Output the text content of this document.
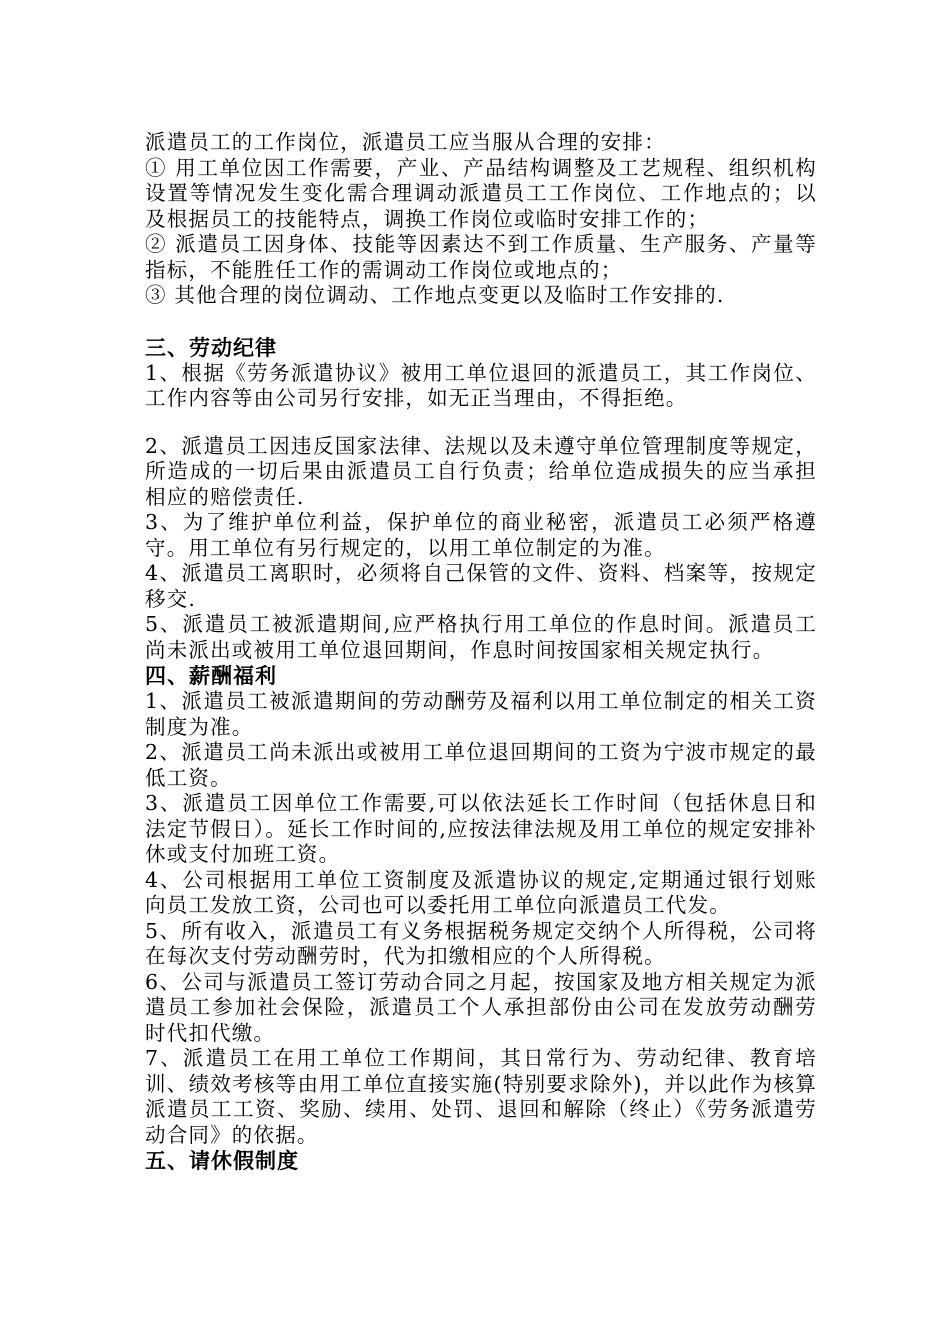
派遣员工的工作岗位，派遣员工应当服从合理的安排：

① 用工单位因工作需要，产业、产品结构调整及工艺规程、组织机构设置等情况发生变化需合理调动派遣员工工作岗位、工作地点的；以及根据员工的技能特点，调换工作岗位或临时安排工作的；

② 派遣员工因身体、技能等因素达不到工作质量、生产服务、产量等指标，不能胜任工作的需调动工作岗位或地点的；

③ 其他合理的岗位调动、工作地点变更以及临时工作安排的.

三、劳动纪律

1、根据《劳务派遣协议》被用工单位退回的派遣员工，其工作岗位、工作内容等由公司另行安排，如无正当理由，不得拒绝。

2、派遣员工因违反国家法律、法规以及未遵守单位管理制度等规定，所造成的一切后果由派遣员工自行负责；给单位造成损失的应当承担相应的赔偿责任.

3、为了维护单位利益，保护单位的商业秘密，派遣员工必须严格遵守。用工单位有另行规定的，以用工单位制定的为准。

4、派遣员工离职时，必须将自己保管的文件、资料、档案等，按规定移交.

5、派遣员工被派遣期间,应严格执行用工单位的作息时间。派遣员工尚未派出或被用工单位退回期间，作息时间按国家相关规定执行。

四、薪酬福利

1、派遣员工被派遣期间的劳动酬劳及福利以用工单位制定的相关工资制度为准。

2、派遣员工尚未派出或被用工单位退回期间的工资为宁波市规定的最低工资。

3、派遣员工因单位工作需要,可以依法延长工作时间（包括休息日和法定节假日）。延长工作时间的,应按法律法规及用工单位的规定安排补休或支付加班工资。

4、公司根据用工单位工资制度及派遣协议的规定,定期通过银行划账向员工发放工资，公司也可以委托用工单位向派遣员工代发。

5、所有收入，派遣员工有义务根据税务规定交纳个人所得税，公司将在每次支付劳动酬劳时，代为扣缴相应的个人所得税。

6、公司与派遣员工签订劳动合同之月起，按国家及地方相关规定为派遣员工参加社会保险，派遣员工个人承担部份由公司在发放劳动酬劳时代扣代缴。

7、派遣员工在用工单位工作期间，其日常行为、劳动纪律、教育培训、绩效考核等由用工单位直接实施(特别要求除外)，并以此作为核算派遣员工工资、奖励、续用、处罚、退回和解除（终止）《劳务派遣劳动合同》的依据。

五、请休假制度
